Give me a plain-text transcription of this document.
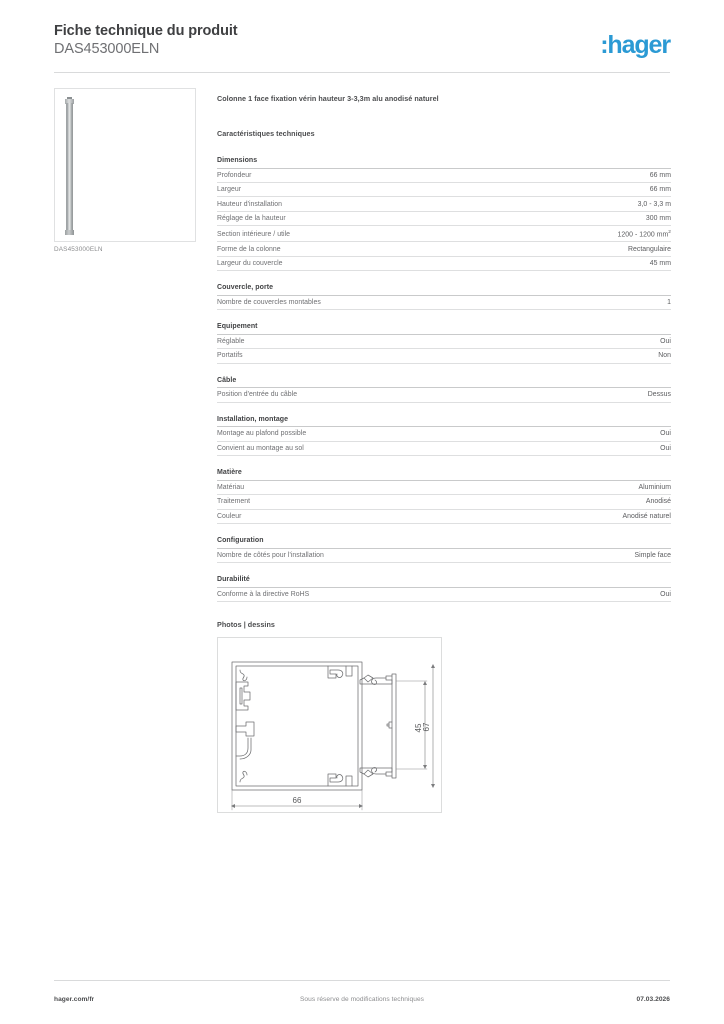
Fiche technique du produit
DAS453000ELN	:hager
DAS453000ELN
Colonne 1 face fixation vérin hauteur 3-3,3m alu anodisé naturel
Caractéristiques techniques
Dimensions
Profondeur	66 mm
Largeur	66 mm
Hauteur d'installation	3,0 - 3,3 m
Réglage de la hauteur	300 mm
Section intérieure / utile	1200 - 1200 $mm^2$
Forme de la colonne	Rectangulaire
Largeur du couvercle	45 mm
Couvercle, porte
Nombre de couvercles montables	1
Equipement
Réglable	Oui
Portatifs	Non
Câble
Position d'entrée du câble	Dessus
Installation, montage
Montage au plafond possible	Oui
Convient au montage au sol	Oui
Matière
Matériau	Aluminium
Traitement	Anodisé
Couleur	Anodisé naturel
Configuration
Nombre de côtés pour l'installation	Simple face
Durabilité
Conforme à la directive RoHS	Oui
Photos | dessins
45 67
66
Sous réserve de modifications techniques
hager.com/fr	07.03.2026
